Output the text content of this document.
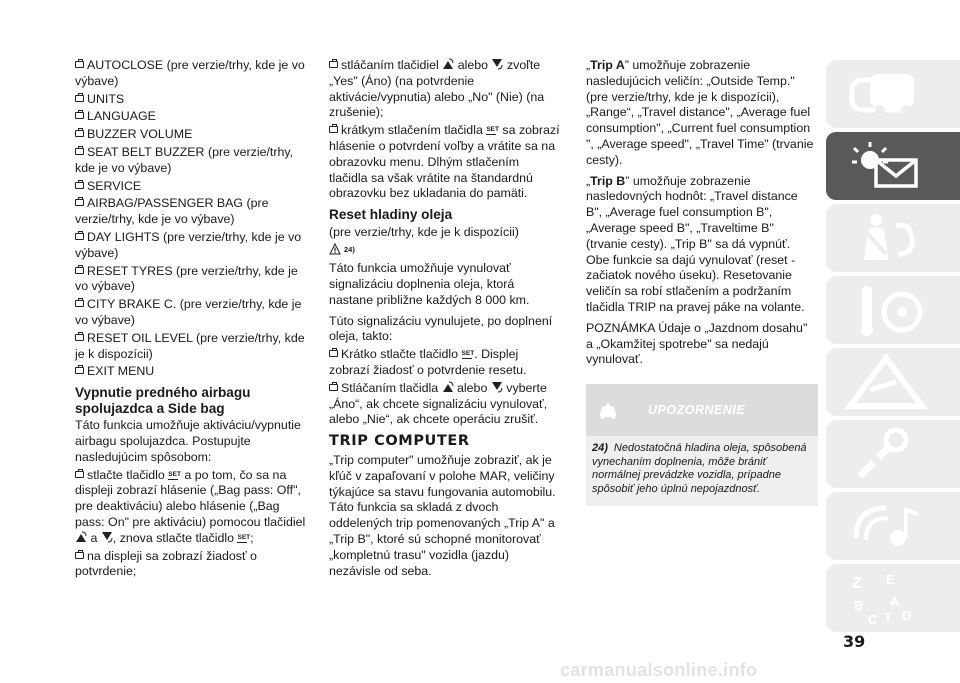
AUTOCLOSE (pre verzie/trhy, kde je vo výbave)

UNITS

LANGUAGE

BUZZER VOLUME

SEAT BELT BUZZER (pre verzie/trhy, kde je vo výbave)

SERVICE

AIRBAG/PASSENGER BAG (pre verzie/trhy, kde je vo výbave)

DAY LIGHTS (pre verzie/trhy, kde je vo výbave)

RESET TYRES (pre verzie/trhy, kde je vo výbave)

CITY BRAKE C. (pre verzie/trhy, kde je vo výbave)

RESET OIL LEVEL (pre verzie/trhy, kde je k dispozícii)

EXIT MENU

Vypnutie predného airbagu spolujazdca a Side bag

Táto funkcia umožňuje aktiváciu/vypnutie airbagu spolujazdca. Postupujte nasledujúcim spôsobom:

stlačte tlačidlo SET a po tom, čo sa na displeji zobrazí hlásenie („Bag pass: Off", pre deaktiváciu) alebo hlásenie („Bag pass: On" pre aktiváciu) pomocou tlačidiel
a , znova stlačte tlačidlo SET
;

na displeji sa zobrazí žiadosť o potvrdenie;

stláčaním tlačidiel alebo zvoľte „Yes" (Áno) (na potvrdenie aktivácie/vypnutia) alebo „No" (Nie) (na zrušenie);

krátkym stlačením tlačidla SET sa zobrazí hlásenie o potvrdení voľby a vrátite sa na obrazovku menu. Dlhým stlačením tlačidla sa však vrátite na štandardnú obrazovku bez ukladania do pamäti.

Reset hladiny oleja

(pre verzie/trhy, kde je k dispozícii)

24)

Táto funkcia umožňuje vynulovať signalizáciu doplnenia oleja, ktorá nastane približne každých 8 000 km.

Túto signalizáciu vynulujete, po doplnení oleja, takto:

Krátko stlačte tlačidlo SET
. Displej zobrazí žiadosť o potvrdenie resetu.

Stláčaním tlačidla alebo vyberte „Áno“, ak chcete signalizáciu vynulovať, alebo „Nie“, ak chcete operáciu zrušiť.

TRIP COMPUTER

„Trip computer" umožňuje zobraziť, ak je kľúč v zapaľovaní v polohe MAR, veličiny týkajúce sa stavu fungovania automobilu. Táto funkcia sa skladá z dvoch oddelených trip pomenovaných „Trip A" a „Trip B", ktoré sú schopné monitorovať „kompletnú trasu" vozidla (jazdu) nezávisle od seba.

„Trip A” umožňuje zobrazenie nasledujúcich veličín: „Outside Temp." (pre verzie/trhy, kde je k dispozícii), „Range“, „Travel distance", „Average fuel consumption", „Current fuel consumption ", „Average speed", „Travel Time" (trvanie cesty).

„Trip B” umožňuje zobrazenie nasledovných hodnôt: „Travel distance B", „Average fuel consumption B", „Average speed B", „Traveltime B" (trvanie cesty). „Trip B" sa dá vypnúť. Obe funkcie sa dajú vynulovať (reset - začiatok nového úseku). Resetovanie veličín sa robí stlačením a podržaním tlačidla TRIP na pravej páke na volante.

POZNÁMKA Údaje o „Jazdnom dosahu" a „Okamžitej spotrebe" sa nedajú vynulovať.

UPOZORNENIE
24) Nedostatočná hladina oleja, spôsobená vynechaním doplnenia, môže brániť normálnej prevádzke vozidla, prípadne spôsobiť jeho úplnú nepojazdnosť.
Z E
B A
C T D
39
carmanualsonline.info
